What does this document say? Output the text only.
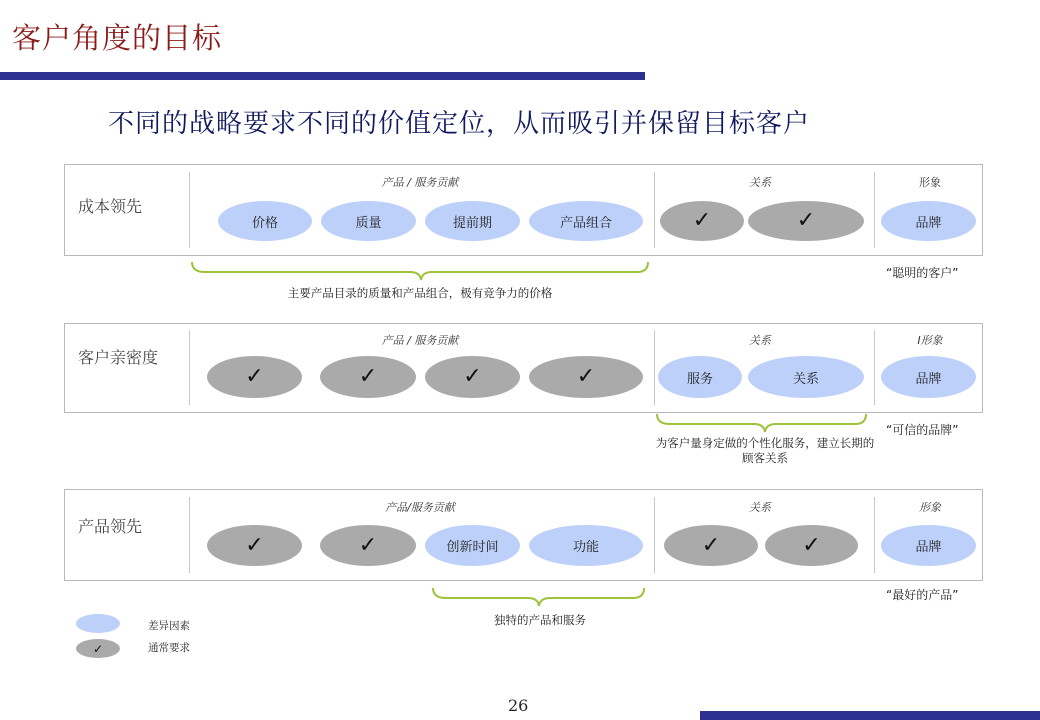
客户角度的目标
不同的战略要求不同的价值定位，从而吸引并保留目标客户
成本领先
产品 / 服务贡献	关系	形象
价格	质量	提前期	产品组合	✓	✓	品牌
主要产品目录的质量和产品组合，极有竞争力的价格
“聪明的客户”
客户亲密度
产品 / 服务贡献	关系	I形象
✓	✓	✓	✓	服务	关系	品牌
为客户量身定做的个性化服务，建立长期的
顾客关系
“可信的品牌”
产品领先
产品/服务贡献	关系	形象
✓	✓	创新时间	功能	✓	✓	品牌
独特的产品和服务
“最好的产品”
差异因素
✓	通常要求
26
